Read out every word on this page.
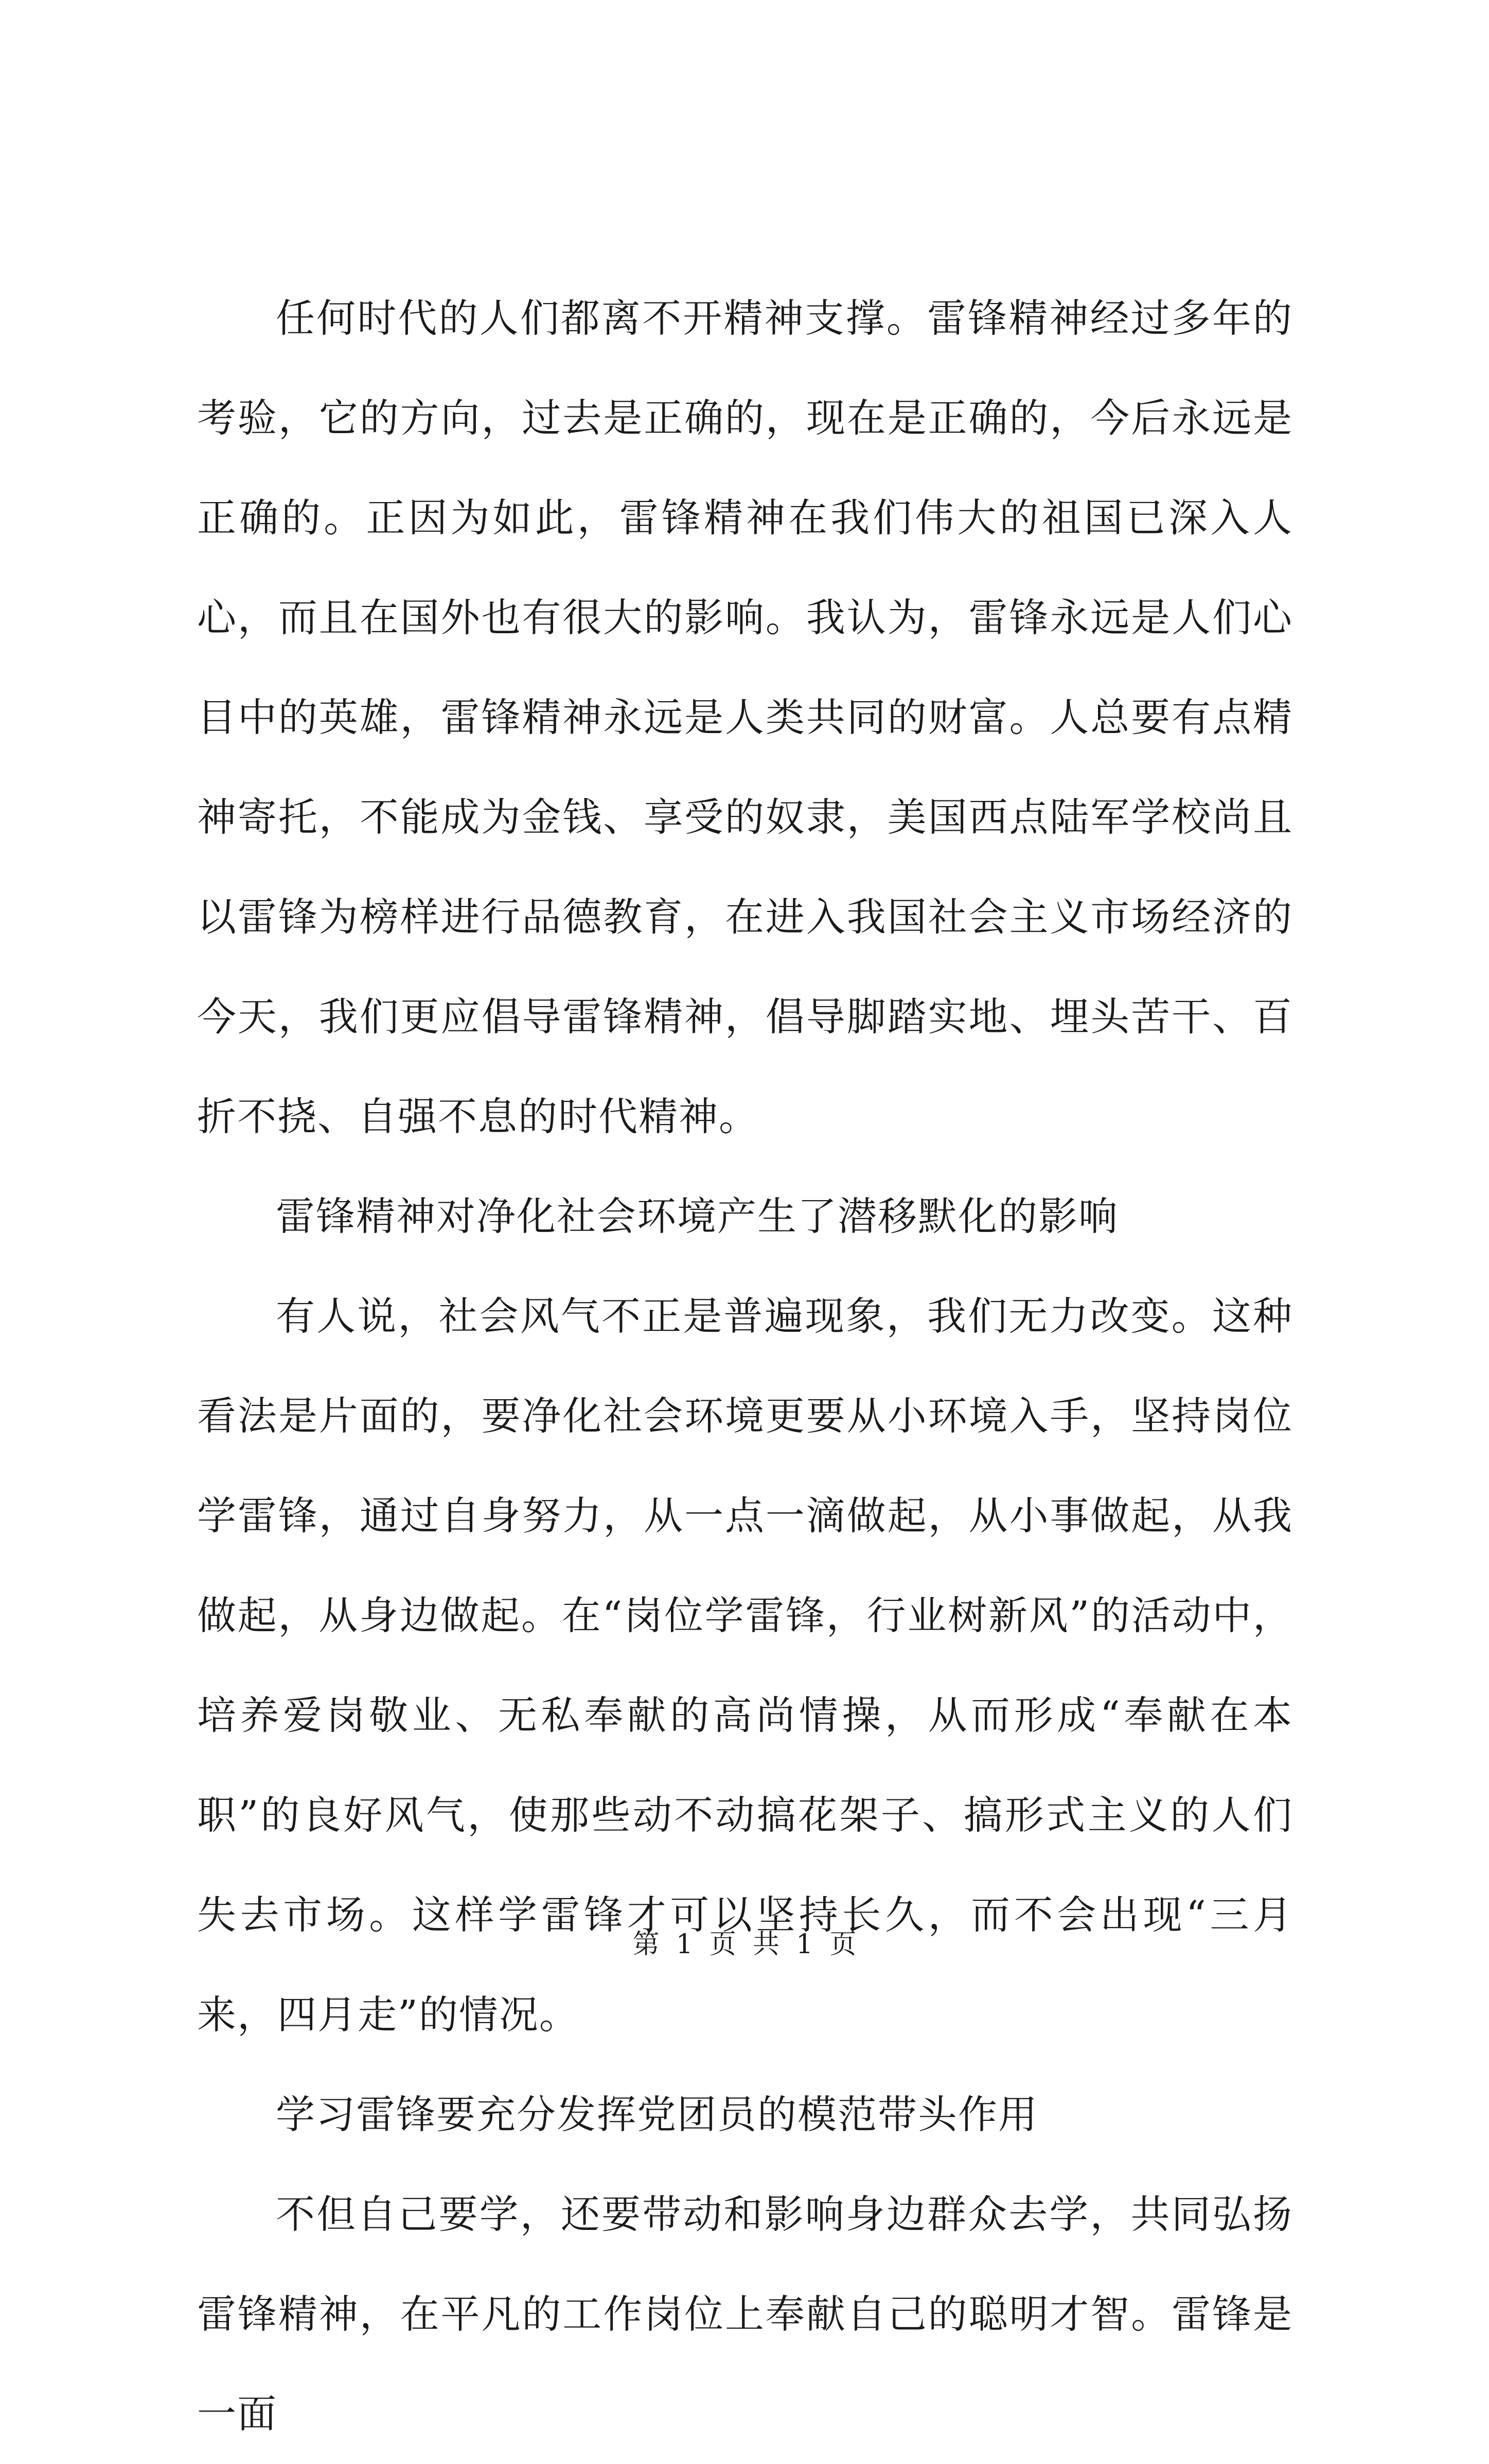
任何时代的人们都离不开精神支撑。雷锋精神经过多年的考验，它的方向，过去是正确的，现在是正确的，今后永远是正确的。正因为如此，雷锋精神在我们伟大的祖国已深入人心，而且在国外也有很大的影响。我认为，雷锋永远是人们心目中的英雄，雷锋精神永远是人类共同的财富。人总要有点精神寄托，不能成为金钱、享受的奴隶，美国西点陆军学校尚且以雷锋为榜样进行品德教育，在进入我国社会主义市场经济的今天，我们更应倡导雷锋精神，倡导脚踏实地、埋头苦干、百折不挠、自强不息的时代精神。

雷锋精神对净化社会环境产生了潜移默化的影响

有人说，社会风气不正是普遍现象，我们无力改变。这种看法是片面的，要净化社会环境更要从小环境入手，坚持岗位学雷锋，通过自身努力，从一点一滴做起，从小事做起，从我做起，从身边做起。在“岗位学雷锋，行业树新风”的活动中，培养爱岗敬业、无私奉献的高尚情操，从而形成“奉献在本职”的良好风气，使那些动不动搞花架子、搞形式主义的人们失去市场。这样学雷锋才可以坚持长久，而不会出现“三月来，四月走”的情况。

学习雷锋要充分发挥党团员的模范带头作用

不但自己要学，还要带动和影响身边群众去学，共同弘扬雷锋精神，在平凡的工作岗位上奉献自己的聪明才智。雷锋是一面

第 1 页 共 1 页
